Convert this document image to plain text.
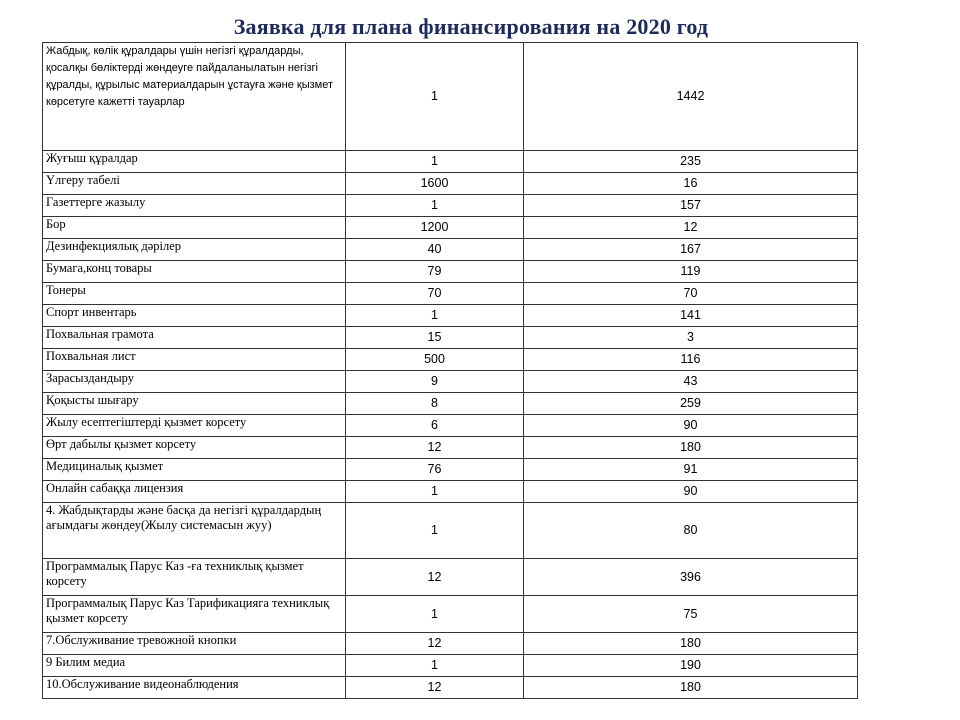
Заявка для плана финансирования на 2020 год
Жабдық, көлік құралдары үшін негізгі құралдарды, қосалқы бөліктерді жөндеуге пайдаланылатын негізгі құралды, құрылыс материалдарын ұстауға және қызмет көрсетуге кажетті тауарлар	1	1442
Жуғыш құралдар	1	235
Үлгеру табелі	1600	16
Газеттерге жазылу	1	157
Бор	1200	12
Дезинфекциялық дәрілер	40	167
Бумага,конц товары	79	119
Тонеры	70	70
Спорт инвентарь	1	141
Похвальная грамота	15	3
Похвальная лист	500	116
Зарасыздандыру	9	43
Қоқысты шығару	8	259
Жылу есептегіштерді қызмет корсету	6	90
Өрт дабылы қызмет корсету	12	180
Медициналық қызмет	76	91
Онлайн сабаққа лицензия	1	90
4. Жабдықтарды және басқа да негізгі құралдардың ағымдағы жөндеу(Жылу системасын жуу)	1	80
Программалық Парус Каз -ға техниклық қызмет корсету	12	396
Программалық Парус Каз Тарификацияга техниклық қызмет корсету	1	75
7.Обслуживание тревожной кнопки	12	180
9 Билим медиа	1	190
10.Обслуживание видеонаблюдения	12	180
